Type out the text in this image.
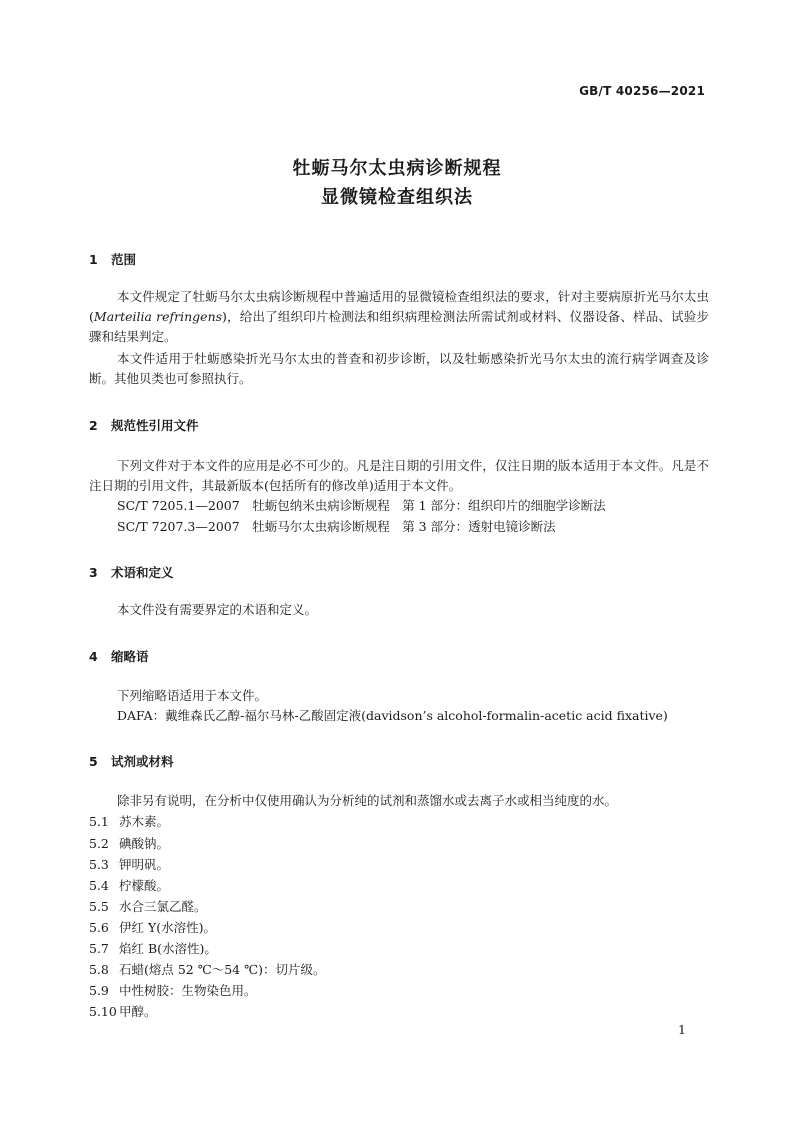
GB/T 40256—2021
牡蛎马尔太虫病诊断规程
显微镜检查组织法
1 范围

本文件规定了牡蛎马尔太虫病诊断规程中普遍适用的显微镜检查组织法的要求，针对主要病原折光马尔太虫(Marteilia refringens)，给出了组织印片检测法和组织病理检测法所需试剂或材料、仪器设备、样品、试验步骤和结果判定。

本文件适用于牡蛎感染折光马尔太虫的普查和初步诊断，以及牡蛎感染折光马尔太虫的流行病学调查及诊断。其他贝类也可参照执行。

2 规范性引用文件

下列文件对于本文件的应用是必不可少的。凡是注日期的引用文件，仅注日期的版本适用于本文件。凡是不注日期的引用文件，其最新版本(包括所有的修改单)适用于本文件。

SC/T 7205.1—2007　牡蛎包纳米虫病诊断规程　第 1 部分：组织印片的细胞学诊断法
SC/T 7207.3—2007　牡蛎马尔太虫病诊断规程　第 3 部分：透射电镜诊断法
3 术语和定义
本文件没有需要界定的术语和定义。
4 缩略语
下列缩略语适用于本文件。
DAFA：戴维森氏乙醇-福尔马林-乙酸固定液(davidson’s alcohol-formalin-acetic acid fixative)
5 试剂或材料
除非另有说明，在分析中仅使用确认为分析纯的试剂和蒸馏水或去离子水或相当纯度的水。
5.1 苏木素。
5.2 碘酸钠。
5.3 钾明矾。
5.4 柠檬酸。
5.5 水合三氯乙醛。
5.6 伊红 Y(水溶性)。
5.7 焰红 B(水溶性)。
5.8 石蜡(熔点 52 ℃～54 ℃)：切片级。
5.9 中性树胶：生物染色用。
5.10 甲醇。
1
